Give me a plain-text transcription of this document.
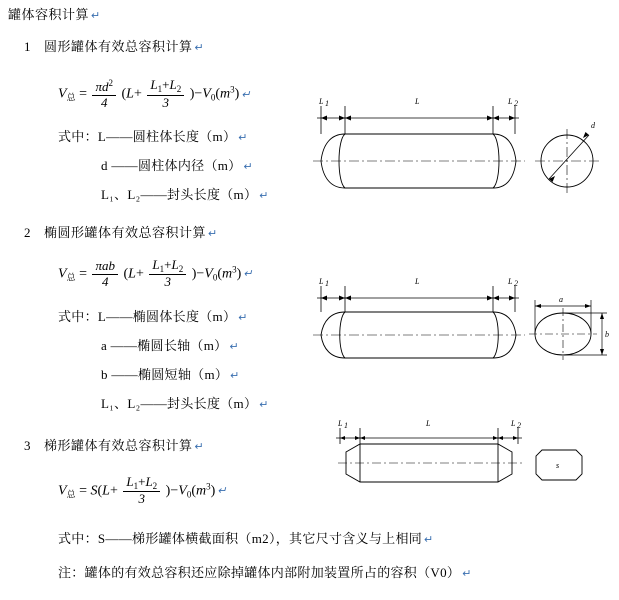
罐体容积计算 ↵
1 圆形罐体有效总容积计算 ↵
$V_总 = \frac{\pi d^2}{4} (L+ \frac{L_1+L_2}{3} )-V_0(m^3)$ ↵
式中：L——圆柱体长度（m） ↵
d ——圆柱体内径（m） ↵
L₁、L₂——封头长度（m） ↵
L 1	L	L 2
d
2 椭圆形罐体有效总容积计算 ↵
$V_总 = \frac{\text{πab}}{4} (L+ \frac{L_1+L_2}{3} )-V_0(m^3)$ ↵
式中：L——椭圆体长度（m） ↵
a ——椭圆长轴（m） ↵
b ——椭圆短轴（m） ↵
L₁、L₂——封头长度（m） ↵
L 1	L	L 2
a
b
L 1	L	L 2
s
3 梯形罐体有效总容积计算 ↵
$V_总 = S(L+ \frac{L_1+L_2}{3} )-V_0(m^3)$ ↵
式中：S——梯形罐体横截面积（m2），其它尺寸含义与上相同 ↵
注：罐体的有效总容积还应除掉罐体内部附加装置所占的容积（V0） ↵
